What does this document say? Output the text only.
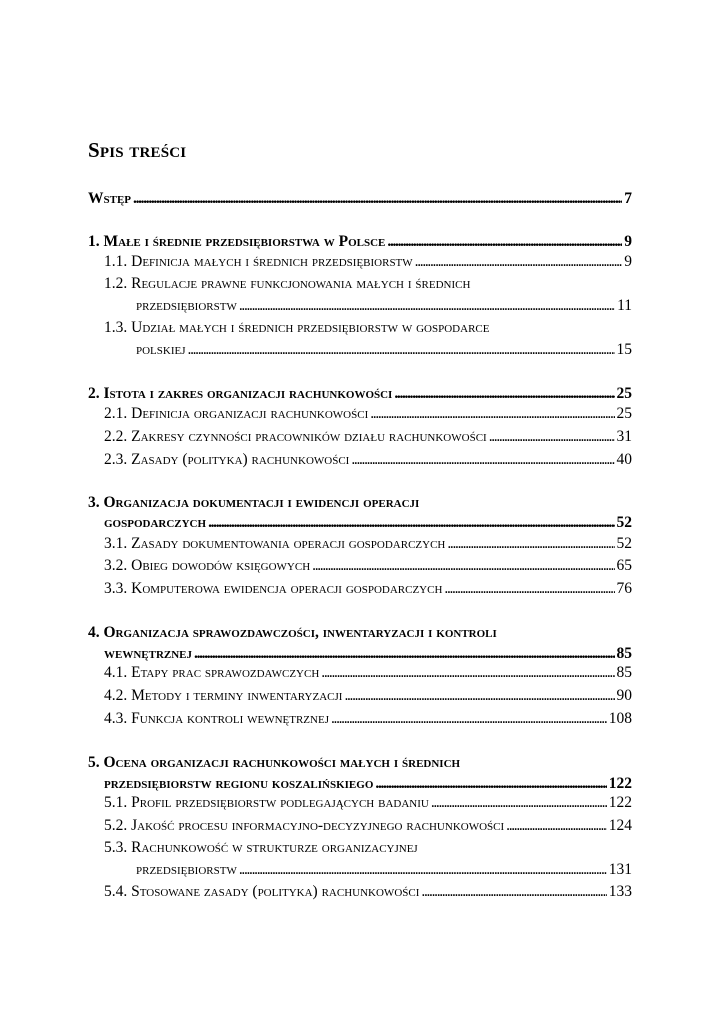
Spis treści
Wstęp . . .	7
1. Małe i średnie przedsiębiorstwa w Polsce . . .	9
1.1. Definicja małych i średnich przedsiębiorstw . . .	9
1.2. Regulacje prawne funkcjonowania małych i średnich
przedsiębiorstw . . .	11
1.3. Udział małych i średnich przedsiębiorstw w gospodarce
polskiej . . .	15
2. Istota i zakres organizacji rachunkowości . . .	25
2.1. Definicja organizacji rachunkowości . . .	25
2.2. Zakresy czynności pracowników działu rachunkowości . . .	31
2.3. Zasady (polityka) rachunkowości . . .	40
3. Organizacja dokumentacji i ewidencji operacji
gospodarczych . . .	52
3.1. Zasady dokumentowania operacji gospodarczych . . .	52
3.2. Obieg dowodów księgowych . . .	65
3.3. Komputerowa ewidencja operacji gospodarczych . . .	76
4. Organizacja sprawozdawczości, inwentaryzacji i kontroli
wewnętrznej . . .	85
4.1. Etapy prac sprawozdawczych . . .	85
4.2. Metody i terminy inwentaryzacji . . .	90
4.3. Funkcja kontroli wewnętrznej . . .	108
5. Ocena organizacji rachunkowości małych i średnich
przedsiębiorstw regionu koszalińskiego . . .	122
5.1. Profil przedsiębiorstw podlegających badaniu . . .	122
5.2. Jakość procesu informacyjno-decyzyjnego rachunkowości . . .	124
5.3. Rachunkowość w strukturze organizacyjnej
przedsiębiorstw . . .	131
5.4. Stosowane zasady (polityka) rachunkowości . . .	133
